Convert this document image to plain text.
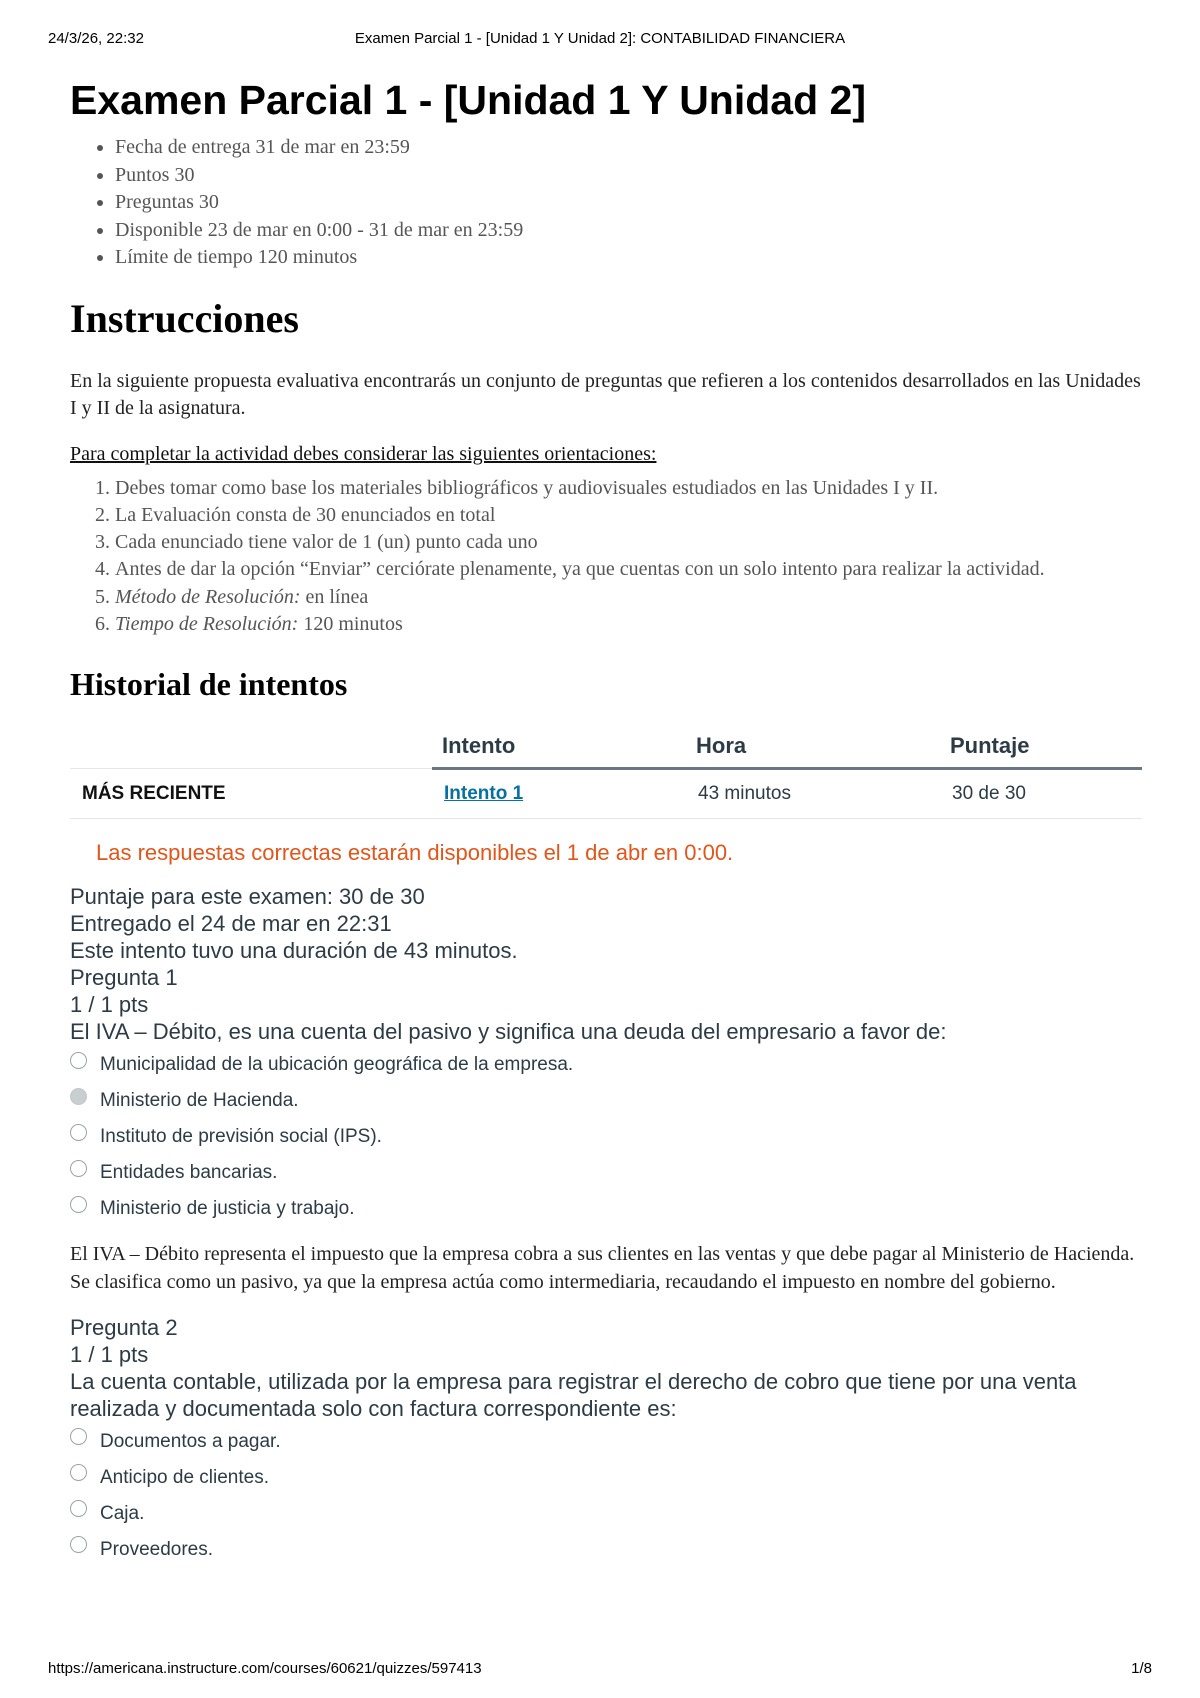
24/3/26, 22:32	Examen Parcial 1 - [Unidad 1 Y Unidad 2]: CONTABILIDAD FINANCIERA
Examen Parcial 1 - [Unidad 1 Y Unidad 2]
• Fecha de entrega 31 de mar en 23:59
• Puntos 30
• Preguntas 30
• Disponible 23 de mar en 0:00 - 31 de mar en 23:59
• Límite de tiempo 120 minutos
Instrucciones

En la siguiente propuesta evaluativa encontrarás un conjunto de preguntas que refieren a los contenidos desarrollados en las Unidades I y II de la asignatura.

Para completar la actividad debes considerar las siguientes orientaciones:

1. Debes tomar como base los materiales bibliográficos y audiovisuales estudiados en las Unidades I y II.
2. La Evaluación consta de 30 enunciados en total
3. Cada enunciado tiene valor de 1 (un) punto cada uno
4. Antes de dar la opción “Enviar” cerciórate plenamente, ya que cuentas con un solo intento para realizar la actividad.
5. Método de Resolución: en línea
6. Tiempo de Resolución: 120 minutos
Historial de intentos
	Intento	Hora	Puntaje
MÁS RECIENTE	Intento 1	43 minutos	30 de 30
Las respuestas correctas estarán disponibles el 1 de abr en 0:00.
Puntaje para este examen: 30 de 30
Entregado el 24 de mar en 22:31
Este intento tuvo una duración de 43 minutos.
Pregunta 1
1 / 1 pts
El IVA – Débito, es una cuenta del pasivo y significa una deuda del empresario a favor de:
Municipalidad de la ubicación geográfica de la empresa.
Ministerio de Hacienda.
Instituto de previsión social (IPS).
Entidades bancarias.
Ministerio de justicia y trabajo.

El IVA – Débito representa el impuesto que la empresa cobra a sus clientes en las ventas y que debe pagar al Ministerio de Hacienda. Se clasifica como un pasivo, ya que la empresa actúa como intermediaria, recaudando el impuesto en nombre del gobierno.

Pregunta 2
1 / 1 pts
La cuenta contable, utilizada por la empresa para registrar el derecho de cobro que tiene por una venta realizada y documentada solo con factura correspondiente es:
Documentos a pagar.
Anticipo de clientes.
Caja.
Proveedores.
https://americana.instructure.com/courses/60621/quizzes/597413	1/8
